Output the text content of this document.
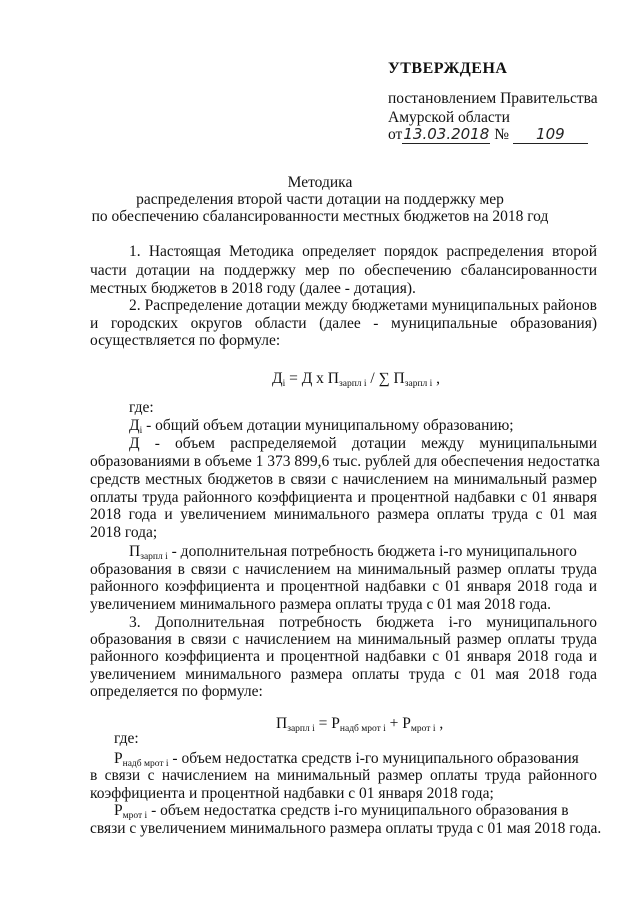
УТВЕРЖДЕНА
постановлением Правительства
Амурской области
от13.03.2018 № 109
Методика
распределения второй части дотации на поддержку мер
по обеспечению сбалансированности местных бюджетов на 2018 год
1. Настоящая Методика определяет порядок распределения второй
части дотации на поддержку мер по обеспечению сбалансированности
местных бюджетов в 2018 году (далее - дотация).
2. Распределение дотации между бюджетами муниципальных районов
и городских округов области (далее - муниципальные образования)
осуществляется по формуле:
$Д_i = Д$ х $П_{зарпл i}$ / ∑ $П_{зарпл i}$ ,
где:
$Д_i$ - общий объем дотации муниципальному образованию;
Д - объем распределяемой дотации между муниципальными
образованиями в объеме 1 373 899,6 тыс. рублей для обеспечения недостатка
средств местных бюджетов в связи с начислением на минимальный размер
оплаты труда районного коэффициента и процентной надбавки с 01 января
2018 года и увеличением минимального размера оплаты труда с 01 мая
2018 года;
$П_{зарпл i}$ - дополнительная потребность бюджета i-го муниципального
образования в связи с начислением на минимальный размер оплаты труда
районного коэффициента и процентной надбавки с 01 января 2018 года и
увеличением минимального размера оплаты труда с 01 мая 2018 года.
3. Дополнительная потребность бюджета i-го муниципального
образования в связи с начислением на минимальный размер оплаты труда
районного коэффициента и процентной надбавки с 01 января 2018 года и
увеличением минимального размера оплаты труда с 01 мая 2018 года
определяется по формуле:
$П_{зарпл i} = Р_{надб мрот i} + Р_{мрот i}$ ,
где:
$Р_{надб мрот i}$ - объем недостатка средств i-го муниципального образования
в связи с начислением на минимальный размер оплаты труда районного
коэффициента и процентной надбавки с 01 января 2018 года;
$Р_{мрот i}$ - объем недостатка средств i-го муниципального образования в
связи с увеличением минимального размера оплаты труда с 01 мая 2018 года.
